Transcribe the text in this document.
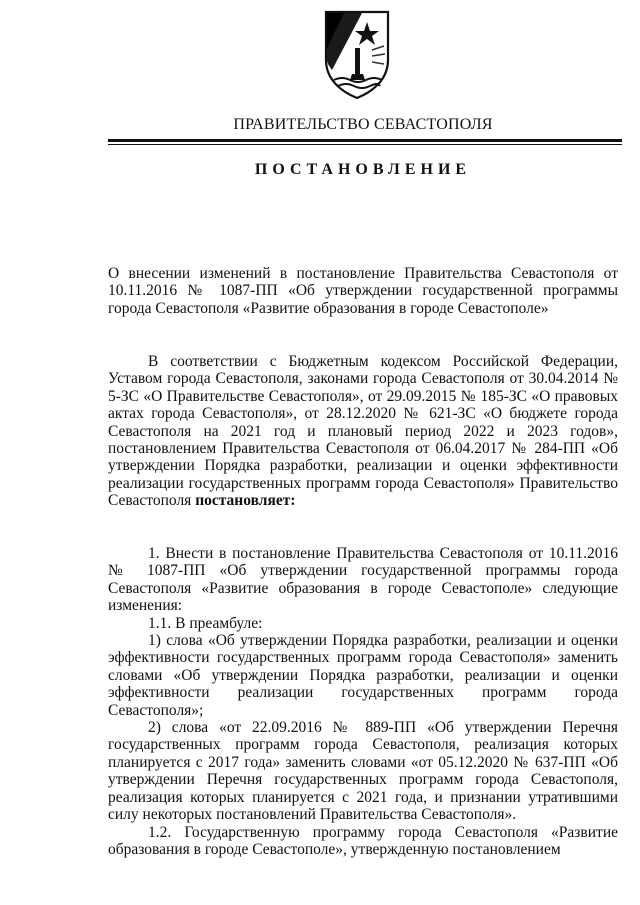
ПРАВИТЕЛЬСТВО СЕВАСТОПОЛЯ
ПОСТАНОВЛЕНИЕ

О внесении изменений в постановление Правительства Севастополя от 10.11.2016 № 1087-ПП «Об утверждении государственной программы города Севастополя «Развитие образования в городе Севастополе»

В соответствии с Бюджетным кодексом Российской Федерации, Уставом города Севастополя, законами города Севастополя от 30.04.2014 № 5-ЗС «О Правительстве Севастополя», от 29.09.2015 № 185-ЗС «О правовых актах города Севастополя», от 28.12.2020 № 621-ЗС «О бюджете города Севастополя на 2021 год и плановый период 2022 и 2023 годов», постановлением Правительства Севастополя от 06.04.2017 № 284-ПП «Об утверждении Порядка разработки, реализации и оценки эффективности реализации государственных программ города Севастополя» Правительство Севастополя постановляет:

1. Внести в постановление Правительства Севастополя от 10.11.2016 № 1087-ПП «Об утверждении государственной программы города Севастополя «Развитие образования в городе Севастополе» следующие изменения:

1.1. В преамбуле:

1) слова «Об утверждении Порядка разработки, реализации и оценки эффективности государственных программ города Севастополя» заменить словами «Об утверждении Порядка разработки, реализации и оценки эффективности реализации государственных программ города Севастополя»;

2) слова «от 22.09.2016 № 889-ПП «Об утверждении Перечня государственных программ города Севастополя, реализация которых планируется с 2017 года» заменить словами «от 05.12.2020 № 637-ПП «Об утверждении Перечня государственных программ города Севастополя, реализация которых планируется с 2021 года, и признании утратившими силу некоторых постановлений Правительства Севастополя».

1.2. Государственную программу города Севастополя «Развитие образования в городе Севастополе», утвержденную постановлением
